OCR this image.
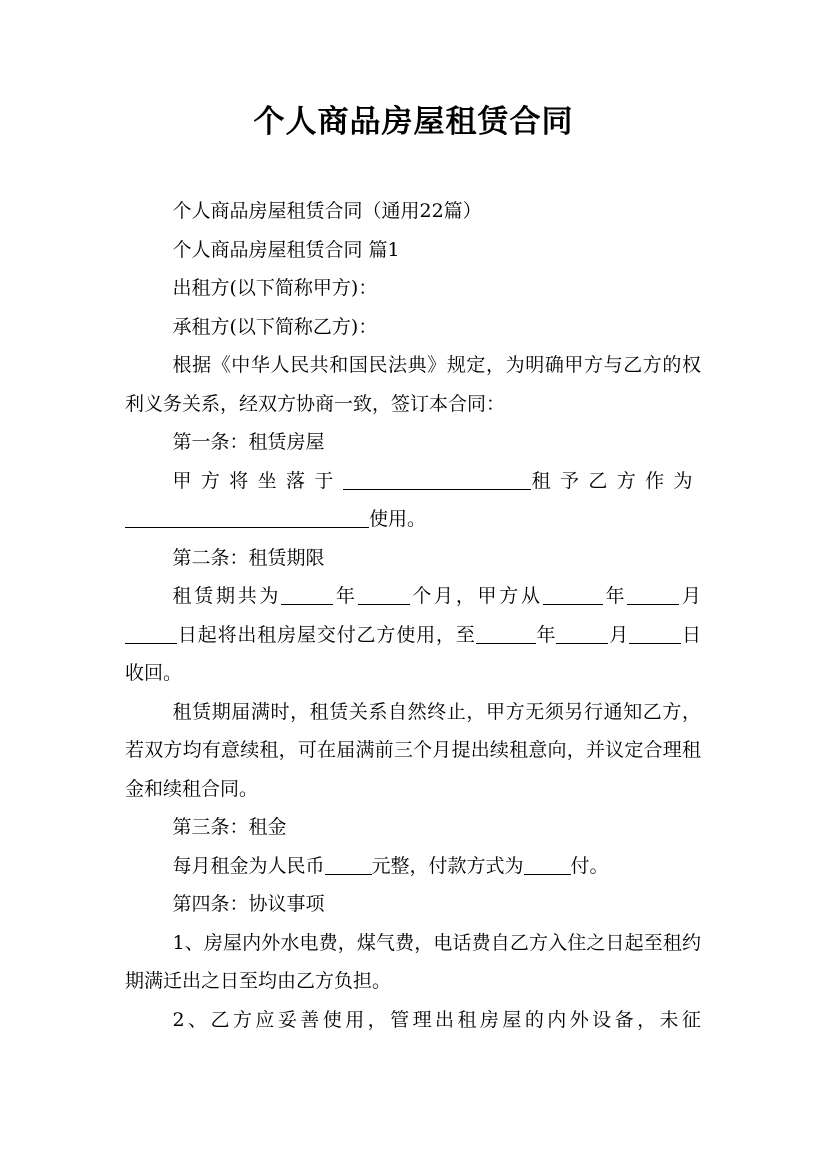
个人商品房屋租赁合同

个人商品房屋租赁合同（通用22篇）

个人商品房屋租赁合同 篇1

出租方(以下简称甲方)：

承租方(以下简称乙方)：

根据《中华人民共和国民法典》规定，为明确甲方与乙方的权利义务关系，经双方协商一致，签订本合同：

第一条：租赁房屋

甲方将坐落于	租予乙方作为

使用。

第二条：租赁期限

租赁期共为	年	个月，甲方从	年	月日起将出租房屋交付乙方使用，至	年	月	日收回。

租赁期届满时，租赁关系自然终止，甲方无须另行通知乙方，若双方均有意续租，可在届满前三个月提出续租意向，并议定合理租金和续租合同。

第三条：租金

每月租金为人民币 元整，付款方式为 付。

第四条：协议事项

1、房屋内外水电费，煤气费，电话费自乙方入住之日起至租约期满迁出之日至均由乙方负担。

2、乙方应妥善使用，管理出租房屋的内外设备，未征
